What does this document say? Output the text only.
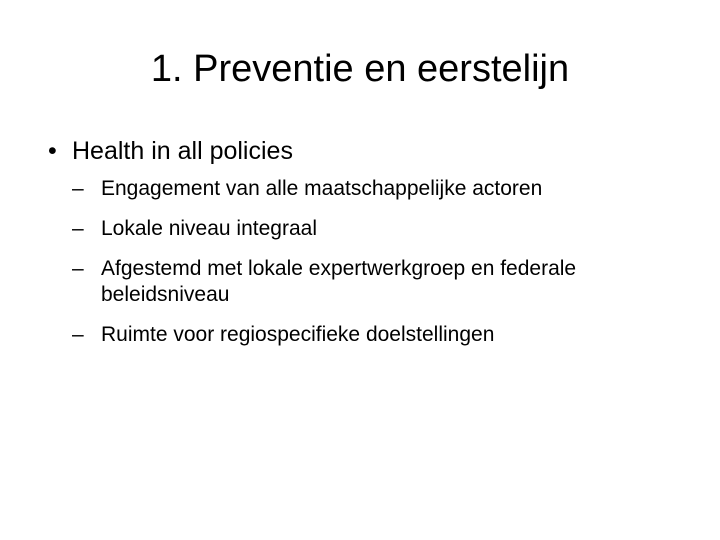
1. Preventie en eerstelijn
• Health in all policies
– Engagement van alle maatschappelijke actoren
– Lokale niveau integraal
– Afgestemd met lokale expertwerkgroep en federale beleidsniveau
– Ruimte voor regiospecifieke doelstellingen
